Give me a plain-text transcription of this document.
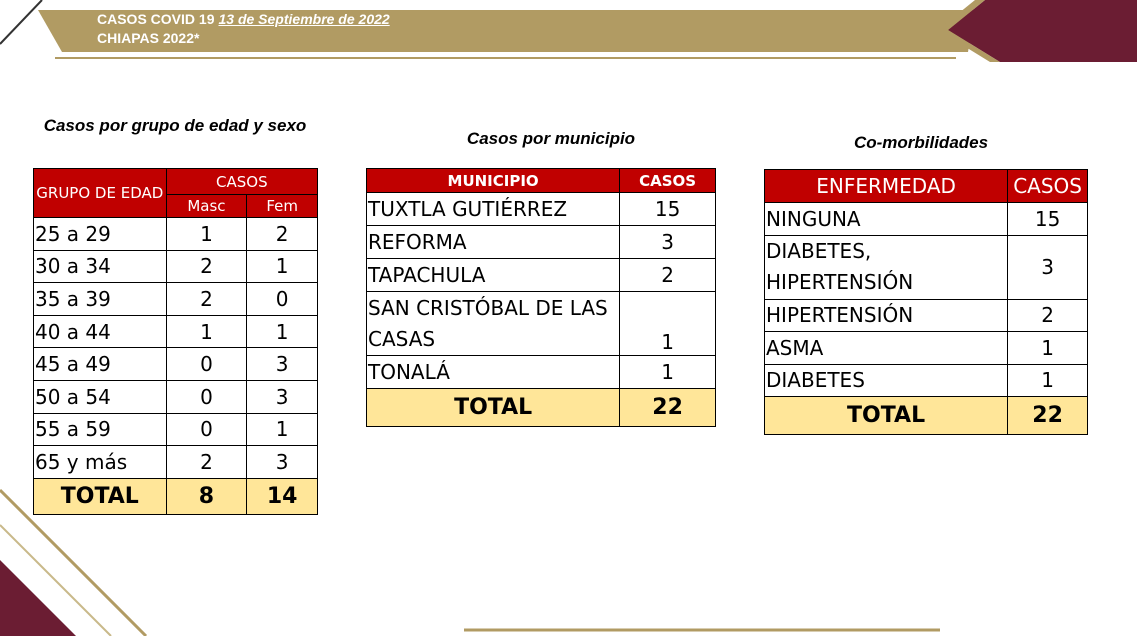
CASOS COVID 19 13 de Septiembre de 2022
CHIAPAS 2022*
Casos por grupo de edad y sexo
GRUPO DE EDAD	CASOS	
	Masc	Fem
25 a 29	1	2
30 a 34	2	1
35 a 39	2	0
40 a 44	1	1
45 a 49	0	3
50 a 54	0	3
55 a 59	0	1
65 y más	2	3
TOTAL	8	14
Casos por municipio
MUNICIPIO	CASOS
TUXTLA GUTIÉRREZ	15
REFORMA	3
TAPACHULA	2
SAN CRISTÓBAL DE LAS CASAS	1
TONALÁ	1
TOTAL	22
Co-morbilidades
ENFERMEDAD	CASOS
NINGUNA	15
DIABETES, HIPERTENSIÓN	3
HIPERTENSIÓN	2
ASMA	1
DIABETES	1
TOTAL	22
